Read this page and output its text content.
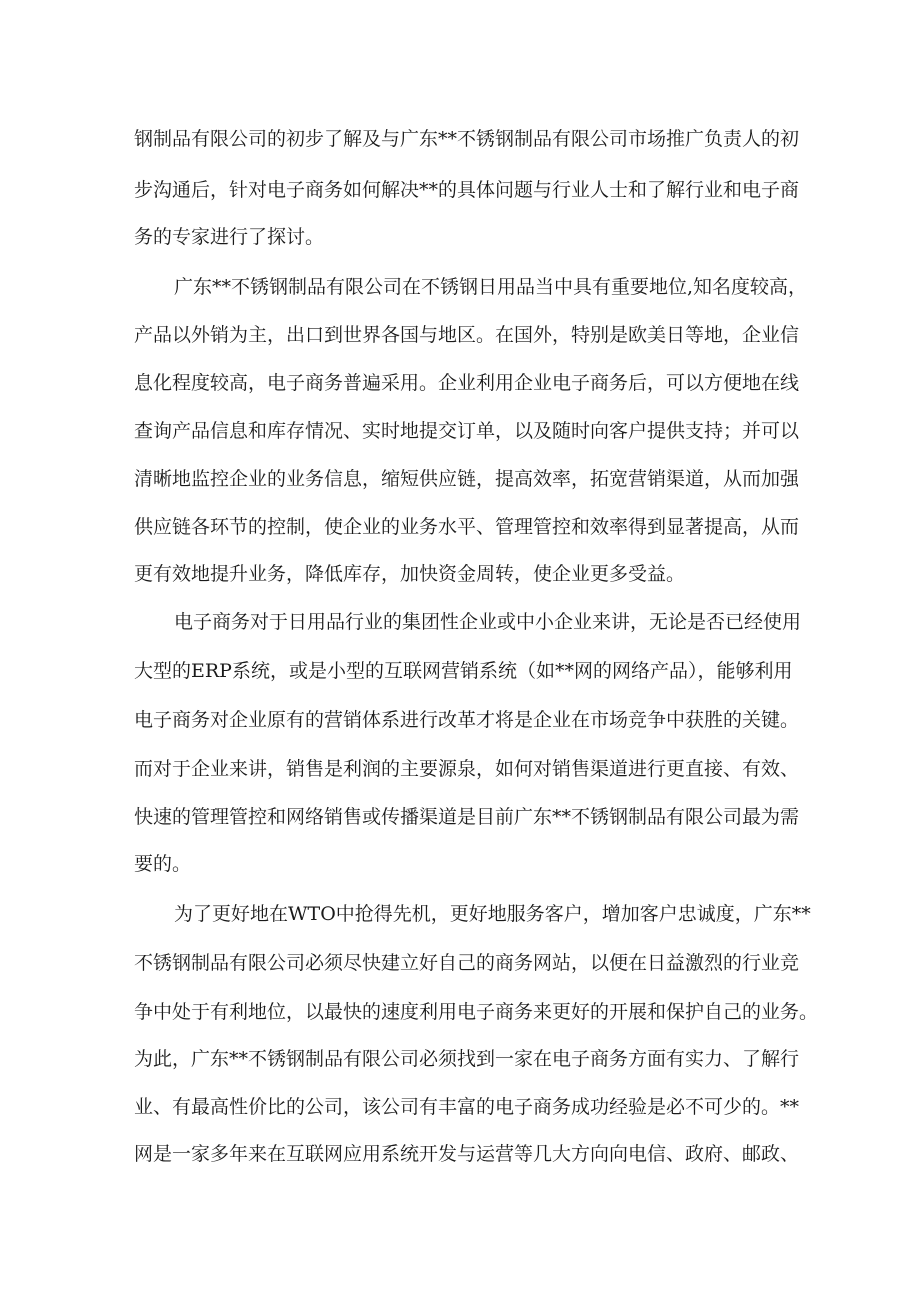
钢制品有限公司的初步了解及与广东**不锈钢制品有限公司市场推广负责人的初
步沟通后，针对电子商务如何解决**的具体问题与行业人士和了解行业和电子商
务的专家进行了探讨。
广东**不锈钢制品有限公司在不锈钢日用品当中具有重要地位,知名度较高，
产品以外销为主，出口到世界各国与地区。在国外，特别是欧美日等地，企业信
息化程度较高，电子商务普遍采用。企业利用企业电子商务后，可以方便地在线
查询产品信息和库存情况、实时地提交订单，以及随时向客户提供支持；并可以
清晰地监控企业的业务信息，缩短供应链，提高效率，拓宽营销渠道，从而加强
供应链各环节的控制，使企业的业务水平、管理管控和效率得到显著提高，从而
更有效地提升业务，降低库存，加快资金周转，使企业更多受益。
电子商务对于日用品行业的集团性企业或中小企业来讲，无论是否已经使用
大型的ERP系统，或是小型的互联网营销系统（如**网的网络产品），能够利用
电子商务对企业原有的营销体系进行改革才将是企业在市场竞争中获胜的关键。
而对于企业来讲，销售是利润的主要源泉，如何对销售渠道进行更直接、有效、
快速的管理管控和网络销售或传播渠道是目前广东**不锈钢制品有限公司最为需
要的。
为了更好地在WTO中抢得先机，更好地服务客户，增加客户忠诚度，广东**
不锈钢制品有限公司必须尽快建立好自己的商务网站，以便在日益激烈的行业竞
争中处于有利地位，以最快的速度利用电子商务来更好的开展和保护自己的业务。
为此，广东**不锈钢制品有限公司必须找到一家在电子商务方面有实力、了解行
业、有最高性价比的公司，该公司有丰富的电子商务成功经验是必不可少的。**
网是一家多年来在互联网应用系统开发与运营等几大方向向电信、政府、邮政、
